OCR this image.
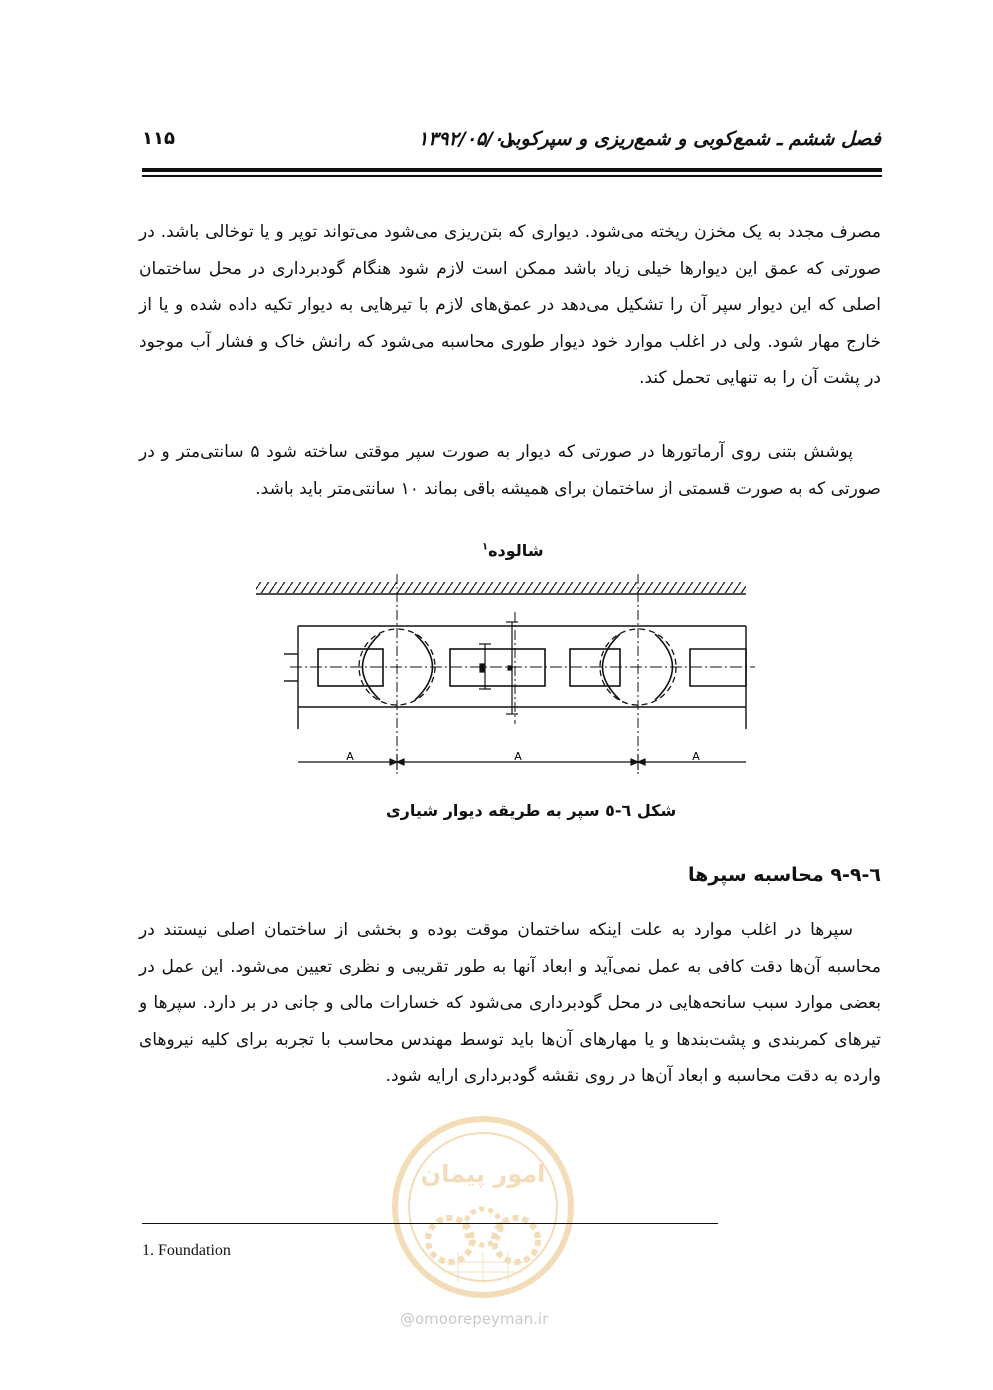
فصل ششم ـ شمع‌کوبی و شمع‌ریزی و سپرکوبی
۱۳۹۲/۰۵/۰۱
۱۱۵

مصرف مجدد به یک مخزن ریخته می‌شود. دیواری که بتن‌ریزی می‌شود می‌تواند توپر و یا توخالی باشد. در صورتی که عمق این دیوارها خیلی زیاد باشد ممکن است لازم شود هنگام گودبرداری در محل ساختمان اصلی که این دیوار سپر آن را تشکیل می‌دهد در عمق‌های لازم با تیرهایی به دیوار تکیه داده شده و یا از خارج مهار شود. ولی در اغلب موارد خود دیوار طوری محاسبه می‌شود که رانش خاک و فشار آب موجود در پشت آن را به تنهایی تحمل کند.

پوشش بتنی روی آرماتورها در صورتی که دیوار به صورت سپر موقتی ساخته شود ۵ سانتی‌متر و در صورتی که به صورت قسمتی از ساختمان برای همیشه باقی بماند ۱۰ سانتی‌متر باید باشد.

شالوده$^۱$
A	A	A
شکل ٦-٥ سپر به طریقه دیوار شیاری
٦-٩-٩ محاسبه سپرها

سپرها در اغلب موارد به علت اینکه ساختمان موقت بوده و بخشی از ساختمان اصلی نیستند در محاسبه آن‌ها دقت کافی به عمل نمی‌آید و ابعاد آنها به طور تقریبی و نظری تعیین می‌شود. این عمل در بعضی موارد سبب سانحه‌هایی در محل گودبرداری می‌شود که خسارات مالی و جانی در بر دارد. سپرها و تیرهای کمربندی و پشت‌بندها و یا مهارهای آن‌ها باید توسط مهندس محاسب با تجربه برای کلیه نیروهای وارده به دقت محاسبه و ابعاد آن‌ها در روی نقشه گودبرداری ارایه شود.

امور پیمان
@omoorepeyman.ir
1. Foundation
